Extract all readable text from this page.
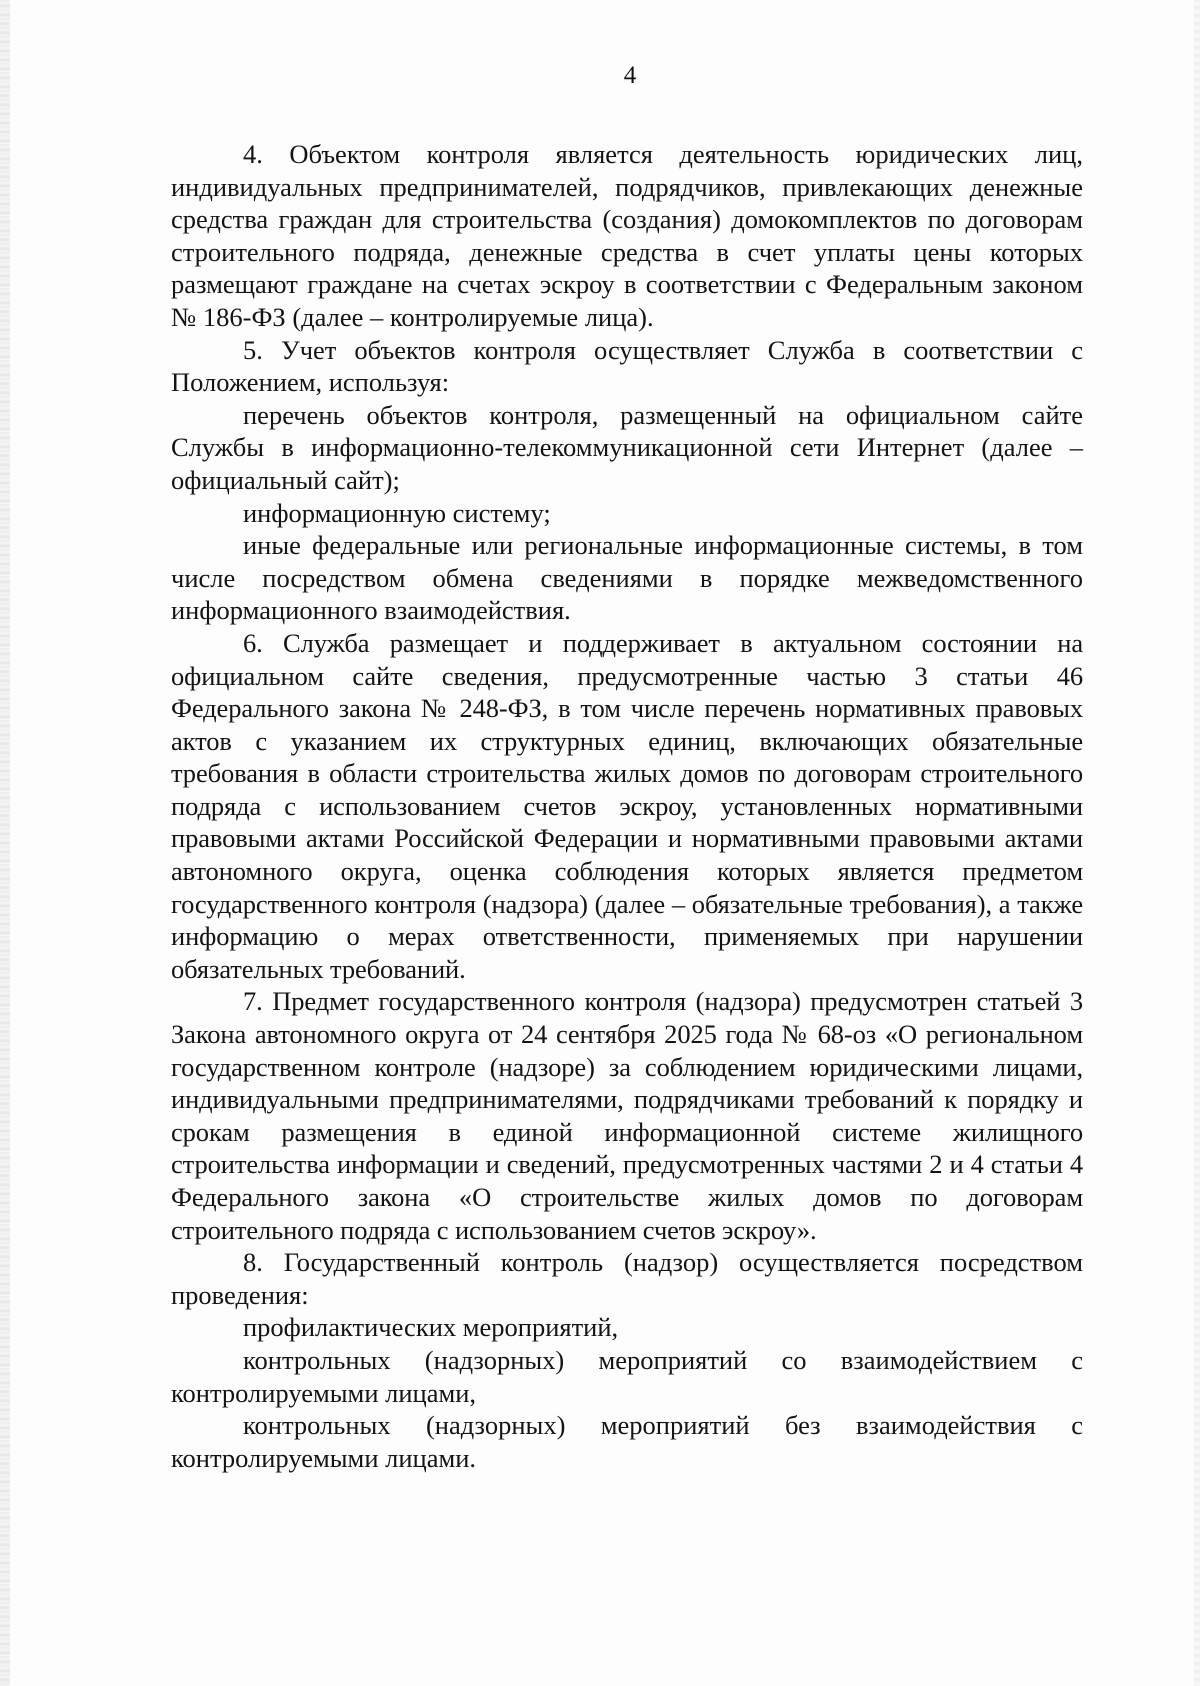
4

4. Объектом контроля является деятельность юридических лиц, индивидуальных предпринимателей, подрядчиков, привлекающих денежные средства граждан для строительства (создания) домокомплектов по договорам строительного подряда, денежные средства в счет уплаты цены которых размещают граждане на счетах эскроу в соответствии с Федеральным законом № 186-ФЗ (далее – контролируемые лица).

5. Учет объектов контроля осуществляет Служба в соответствии с Положением, используя:

перечень объектов контроля, размещенный на официальном сайте Службы в информационно-телекоммуникационной сети Интернет (далее – официальный сайт);

информационную систему;

иные федеральные или региональные информационные системы, в том числе посредством обмена сведениями в порядке межведомственного информационного взаимодействия.

6. Служба размещает и поддерживает в актуальном состоянии на официальном сайте сведения, предусмотренные частью 3 статьи 46 Федерального закона № 248-ФЗ, в том числе перечень нормативных правовых актов с указанием их структурных единиц, включающих обязательные требования в области строительства жилых домов по договорам строительного подряда с использованием счетов эскроу, установленных нормативными правовыми актами Российской Федерации и нормативными правовыми актами автономного округа, оценка соблюдения которых является предметом государственного контроля (надзора) (далее – обязательные требования), а также информацию о мерах ответственности, применяемых при нарушении обязательных требований.

7. Предмет государственного контроля (надзора) предусмотрен статьей 3 Закона автономного округа от 24 сентября 2025 года № 68-оз «О региональном государственном контроле (надзоре) за соблюдением юридическими лицами, индивидуальными предпринимателями, подрядчиками требований к порядку и срокам размещения в единой информационной системе жилищного строительства информации и сведений, предусмотренных частями 2 и 4 статьи 4 Федерального закона «О строительстве жилых домов по договорам строительного подряда с использованием счетов эскроу».

8. Государственный контроль (надзор) осуществляется посредством проведения:

профилактических мероприятий,

контрольных (надзорных) мероприятий со взаимодействием с контролируемыми лицами,

контрольных (надзорных) мероприятий без взаимодействия с контролируемыми лицами.
